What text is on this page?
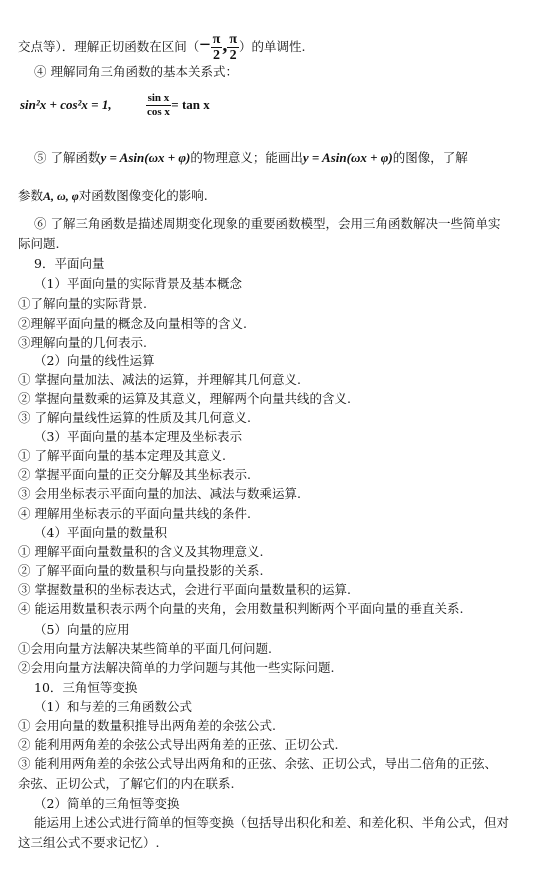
交点等）．理解正切函数在区间（− $\frac{\pi}{2}$ , $\frac{\pi}{2}$ ）的单调性.
④ 理解同角三角函数的基本关系式：
sin²x + cos²x = 1,	$\frac{\text{sin x}}{\text{cos x}} = \tan x$
⑤ 了解函数y = Asin(ωx + φ)的物理意义；能画出y = Asin(ωx + φ)的图像，了解
参数A, ω, φ对函数图像变化的影响.
⑥ 了解三角函数是描述周期变化现象的重要函数模型，会用三角函数解决一些简单实
际问题.
9．平面向量
（1）平面向量的实际背景及基本概念
①了解向量的实际背景.
②理解平面向量的概念及向量相等的含义.
③理解向量的几何表示.
（2）向量的线性运算
① 掌握向量加法、减法的运算，并理解其几何意义.
② 掌握向量数乘的运算及其意义，理解两个向量共线的含义.
③ 了解向量线性运算的性质及其几何意义.
（3）平面向量的基本定理及坐标表示
① 了解平面向量的基本定理及其意义.
② 掌握平面向量的正交分解及其坐标表示.
③ 会用坐标表示平面向量的加法、减法与数乘运算.
④ 理解用坐标表示的平面向量共线的条件.
（4）平面向量的数量积
① 理解平面向量数量积的含义及其物理意义.
② 了解平面向量的数量积与向量投影的关系.
③ 掌握数量积的坐标表达式，会进行平面向量数量积的运算.
④ 能运用数量积表示两个向量的夹角，会用数量积判断两个平面向量的垂直关系.
（5）向量的应用
①会用向量方法解决某些简单的平面几何问题.
②会用向量方法解决简单的力学问题与其他一些实际问题.
10．三角恒等变换
（1）和与差的三角函数公式
① 会用向量的数量积推导出两角差的余弦公式.
② 能利用两角差的余弦公式导出两角差的正弦、正切公式.
③ 能利用两角差的余弦公式导出两角和的正弦、余弦、正切公式，导出二倍角的正弦、
余弦、正切公式，了解它们的内在联系.
（2）简单的三角恒等变换
能运用上述公式进行简单的恒等变换（包括导出积化和差、和差化积、半角公式，但对
这三组公式不要求记忆）.
